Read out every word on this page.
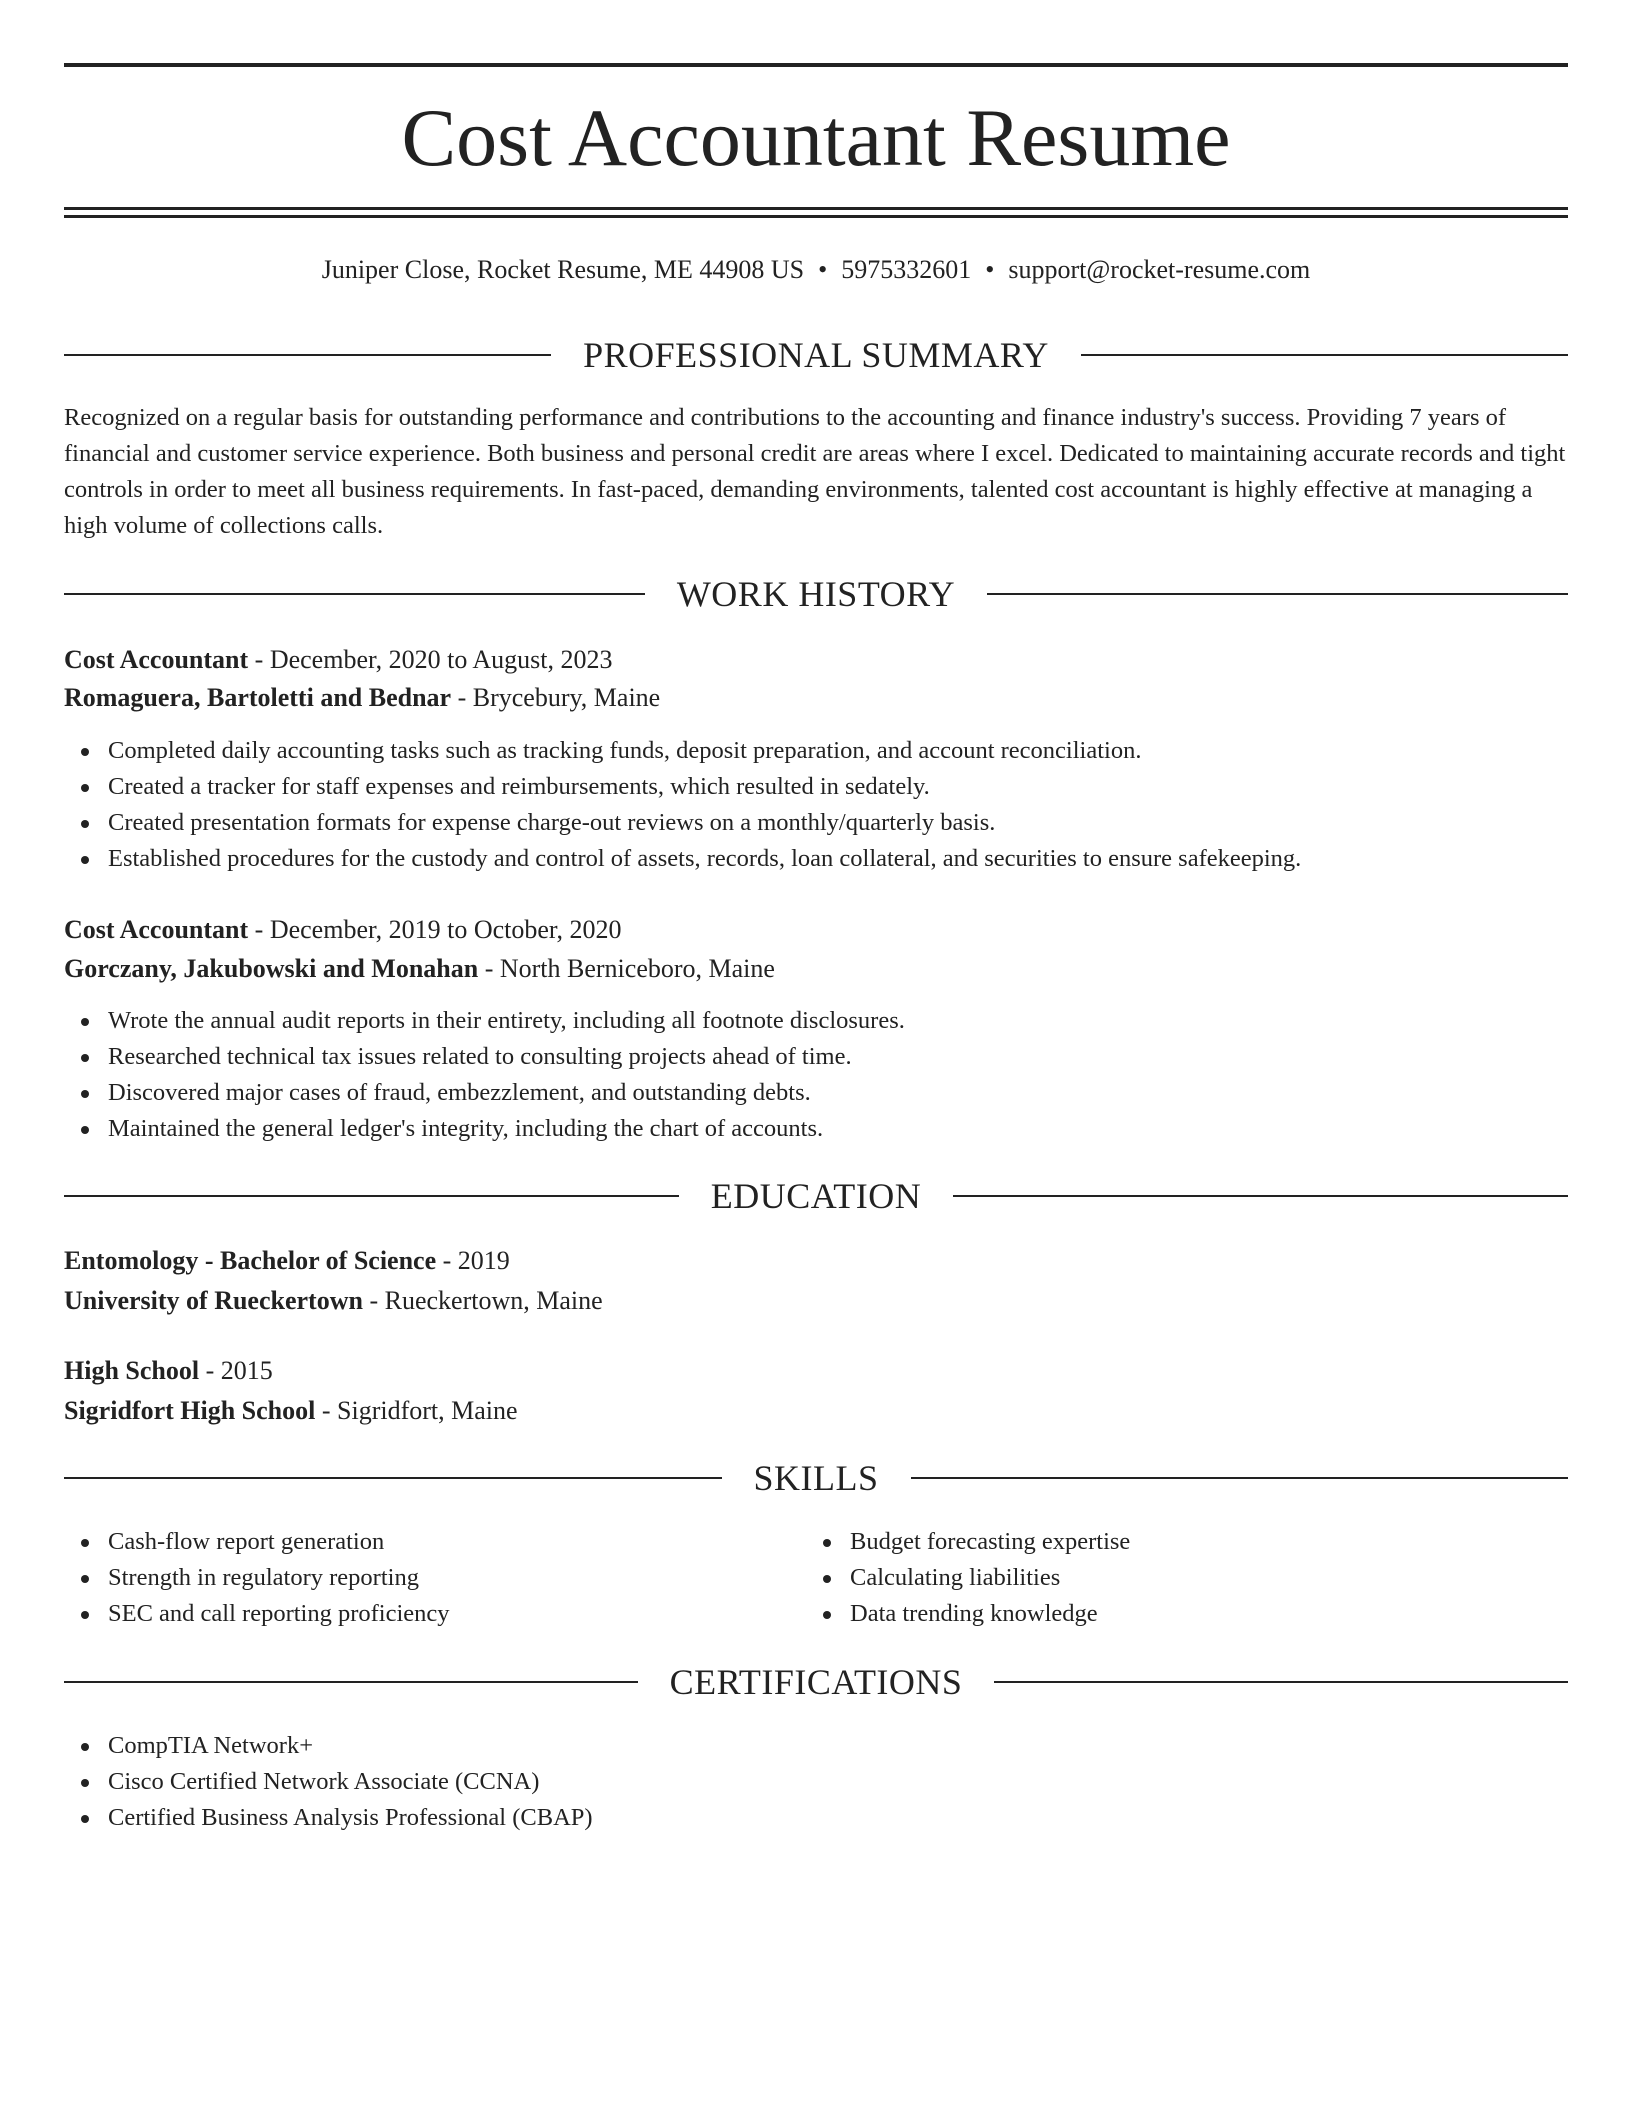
Cost Accountant Resume
Juniper Close, Rocket Resume, ME 44908 US • 5975332601 • support@rocket-resume.com
PROFESSIONAL SUMMARY
Recognized on a regular basis for outstanding performance and contributions to the accounting and finance industry's success. Providing 7 years of financial and customer service experience. Both business and personal credit are areas where I excel. Dedicated to maintaining accurate records and tight controls in order to meet all business requirements. In fast-paced, demanding environments, talented cost accountant is highly effective at managing a high volume of collections calls.
WORK HISTORY
Cost Accountant - December, 2020 to August, 2023
Romaguera, Bartoletti and Bednar - Brycebury, Maine
Completed daily accounting tasks such as tracking funds, deposit preparation, and account reconciliation.
Created a tracker for staff expenses and reimbursements, which resulted in sedately.
Created presentation formats for expense charge-out reviews on a monthly/quarterly basis.
Established procedures for the custody and control of assets, records, loan collateral, and securities to ensure safekeeping.
Cost Accountant - December, 2019 to October, 2020
Gorczany, Jakubowski and Monahan - North Berniceboro, Maine
Wrote the annual audit reports in their entirety, including all footnote disclosures.
Researched technical tax issues related to consulting projects ahead of time.
Discovered major cases of fraud, embezzlement, and outstanding debts.
Maintained the general ledger's integrity, including the chart of accounts.
EDUCATION
Entomology - Bachelor of Science - 2019
University of Rueckertown - Rueckertown, Maine
High School - 2015
Sigridfort High School - Sigridfort, Maine
SKILLS
Cash-flow report generation
Strength in regulatory reporting
SEC and call reporting proficiency
Budget forecasting expertise
Calculating liabilities
Data trending knowledge
CERTIFICATIONS
CompTIA Network+
Cisco Certified Network Associate (CCNA)
Certified Business Analysis Professional (CBAP)
